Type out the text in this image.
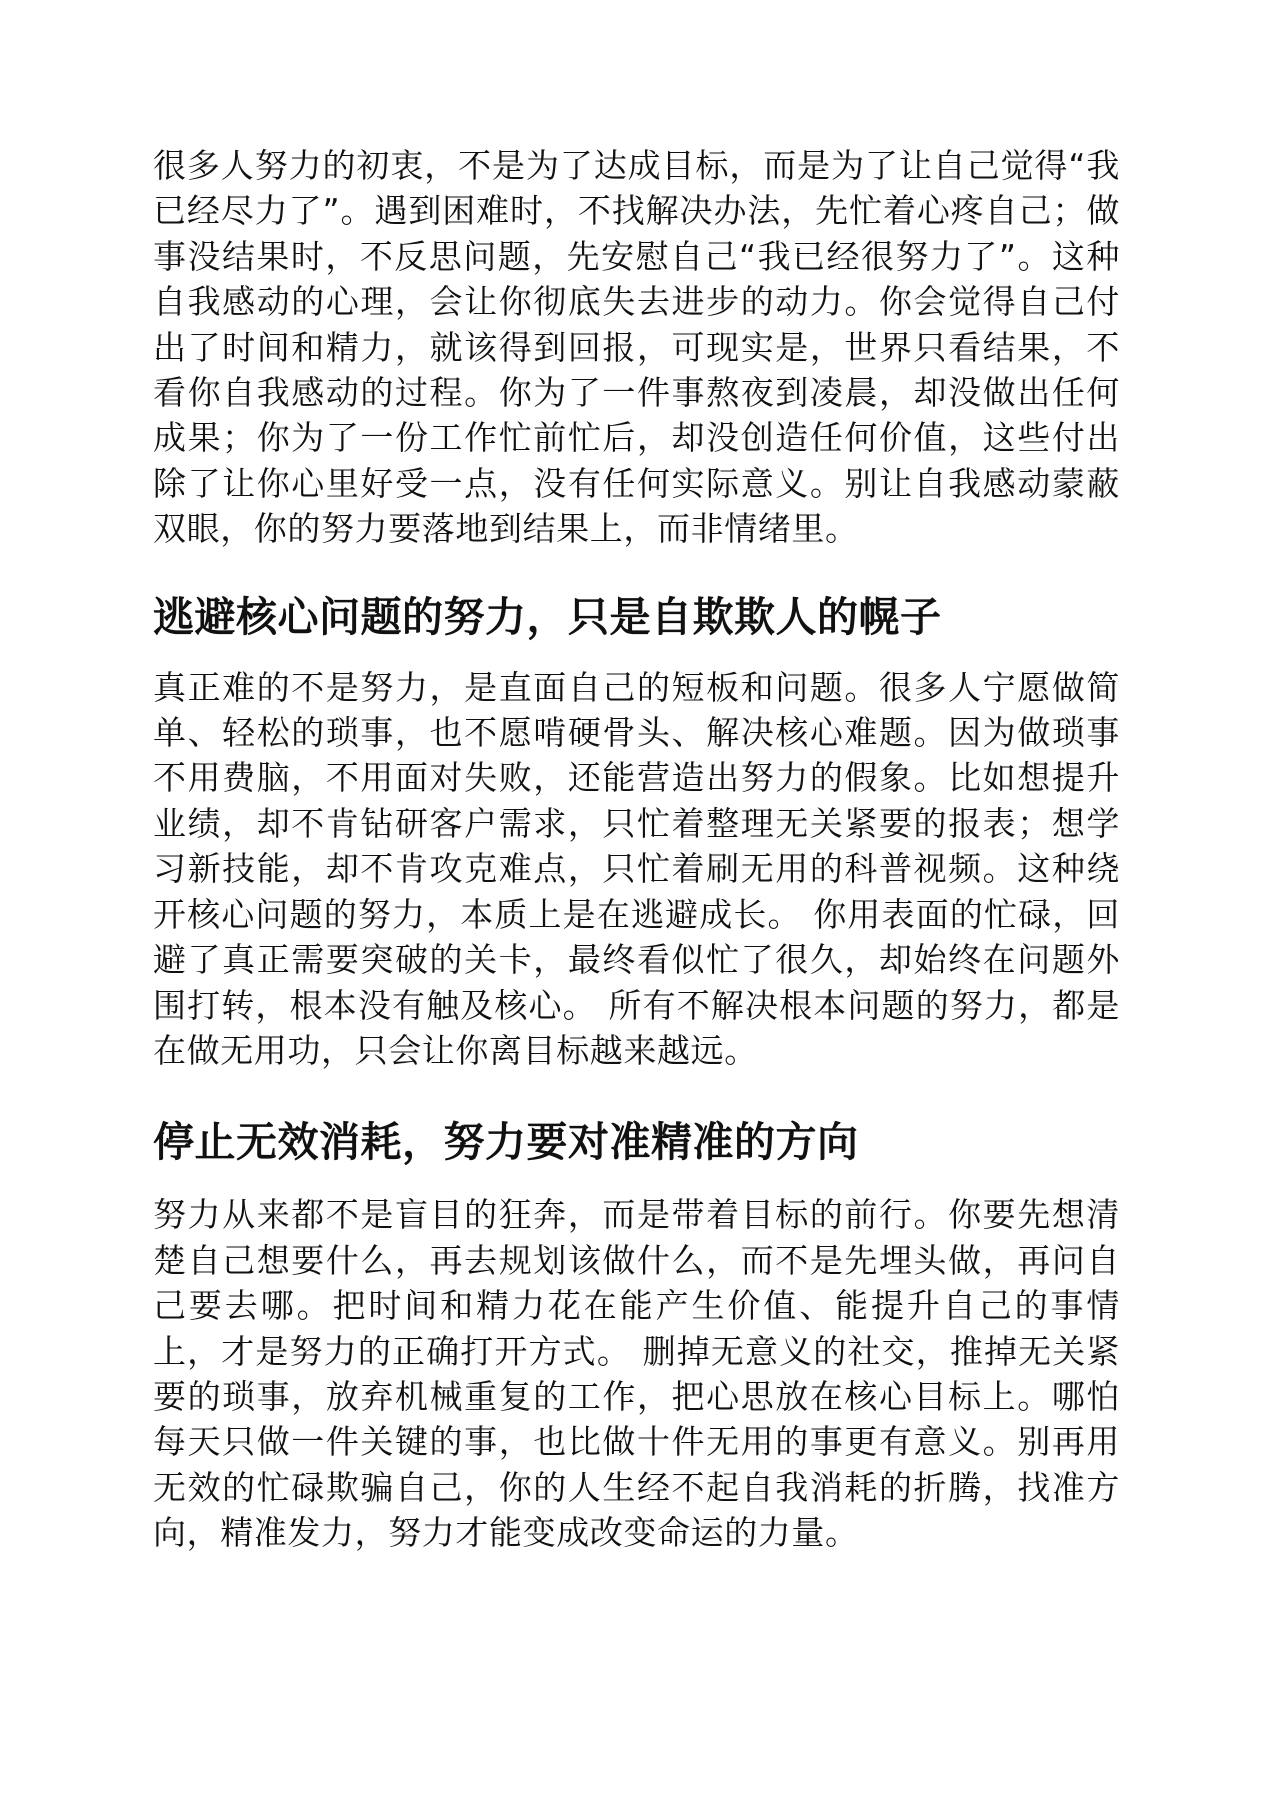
很多人努力的初衷，不是为了达成目标，而是为了让自己觉得“我已经尽力了”。遇到困难时，不找解决办法，先忙着心疼自己；做事没结果时，不反思问题，先安慰自己“我已经很努力了”。这种自我感动的心理，会让你彻底失去进步的动力。你会觉得自己付出了时间和精力，就该得到回报，可现实是，世界只看结果，不看你自我感动的过程。你为了一件事熬夜到凌晨，却没做出任何成果；你为了一份工作忙前忙后，却没创造任何价值，这些付出除了让你心里好受一点，没有任何实际意义。别让自我感动蒙蔽双眼，你的努力要落地到结果上，而非情绪里。

逃避核心问题的努力，只是自欺欺人的幌子

真正难的不是努力，是直面自己的短板和问题。很多人宁愿做简单、轻松的琐事，也不愿啃硬骨头、解决核心难题。因为做琐事不用费脑，不用面对失败，还能营造出努力的假象。比如想提升业绩，却不肯钻研客户需求，只忙着整理无关紧要的报表；想学习新技能，却不肯攻克难点，只忙着刷无用的科普视频。这种绕开核心问题的努力，本质上是在逃避成长。 你用表面的忙碌，回避了真正需要突破的关卡，最终看似忙了很久，却始终在问题外围打转，根本没有触及核心。 所有不解决根本问题的努力，都是在做无用功，只会让你离目标越来越远。

停止无效消耗，努力要对准精准的方向

努力从来都不是盲目的狂奔，而是带着目标的前行。你要先想清楚自己想要什么，再去规划该做什么，而不是先埋头做，再问自己要去哪。把时间和精力花在能产生价值、能提升自己的事情上，才是努力的正确打开方式。 删掉无意义的社交，推掉无关紧要的琐事，放弃机械重复的工作，把心思放在核心目标上。哪怕每天只做一件关键的事，也比做十件无用的事更有意义。别再用无效的忙碌欺骗自己，你的人生经不起自我消耗的折腾，找准方向，精准发力，努力才能变成改变命运的力量。
